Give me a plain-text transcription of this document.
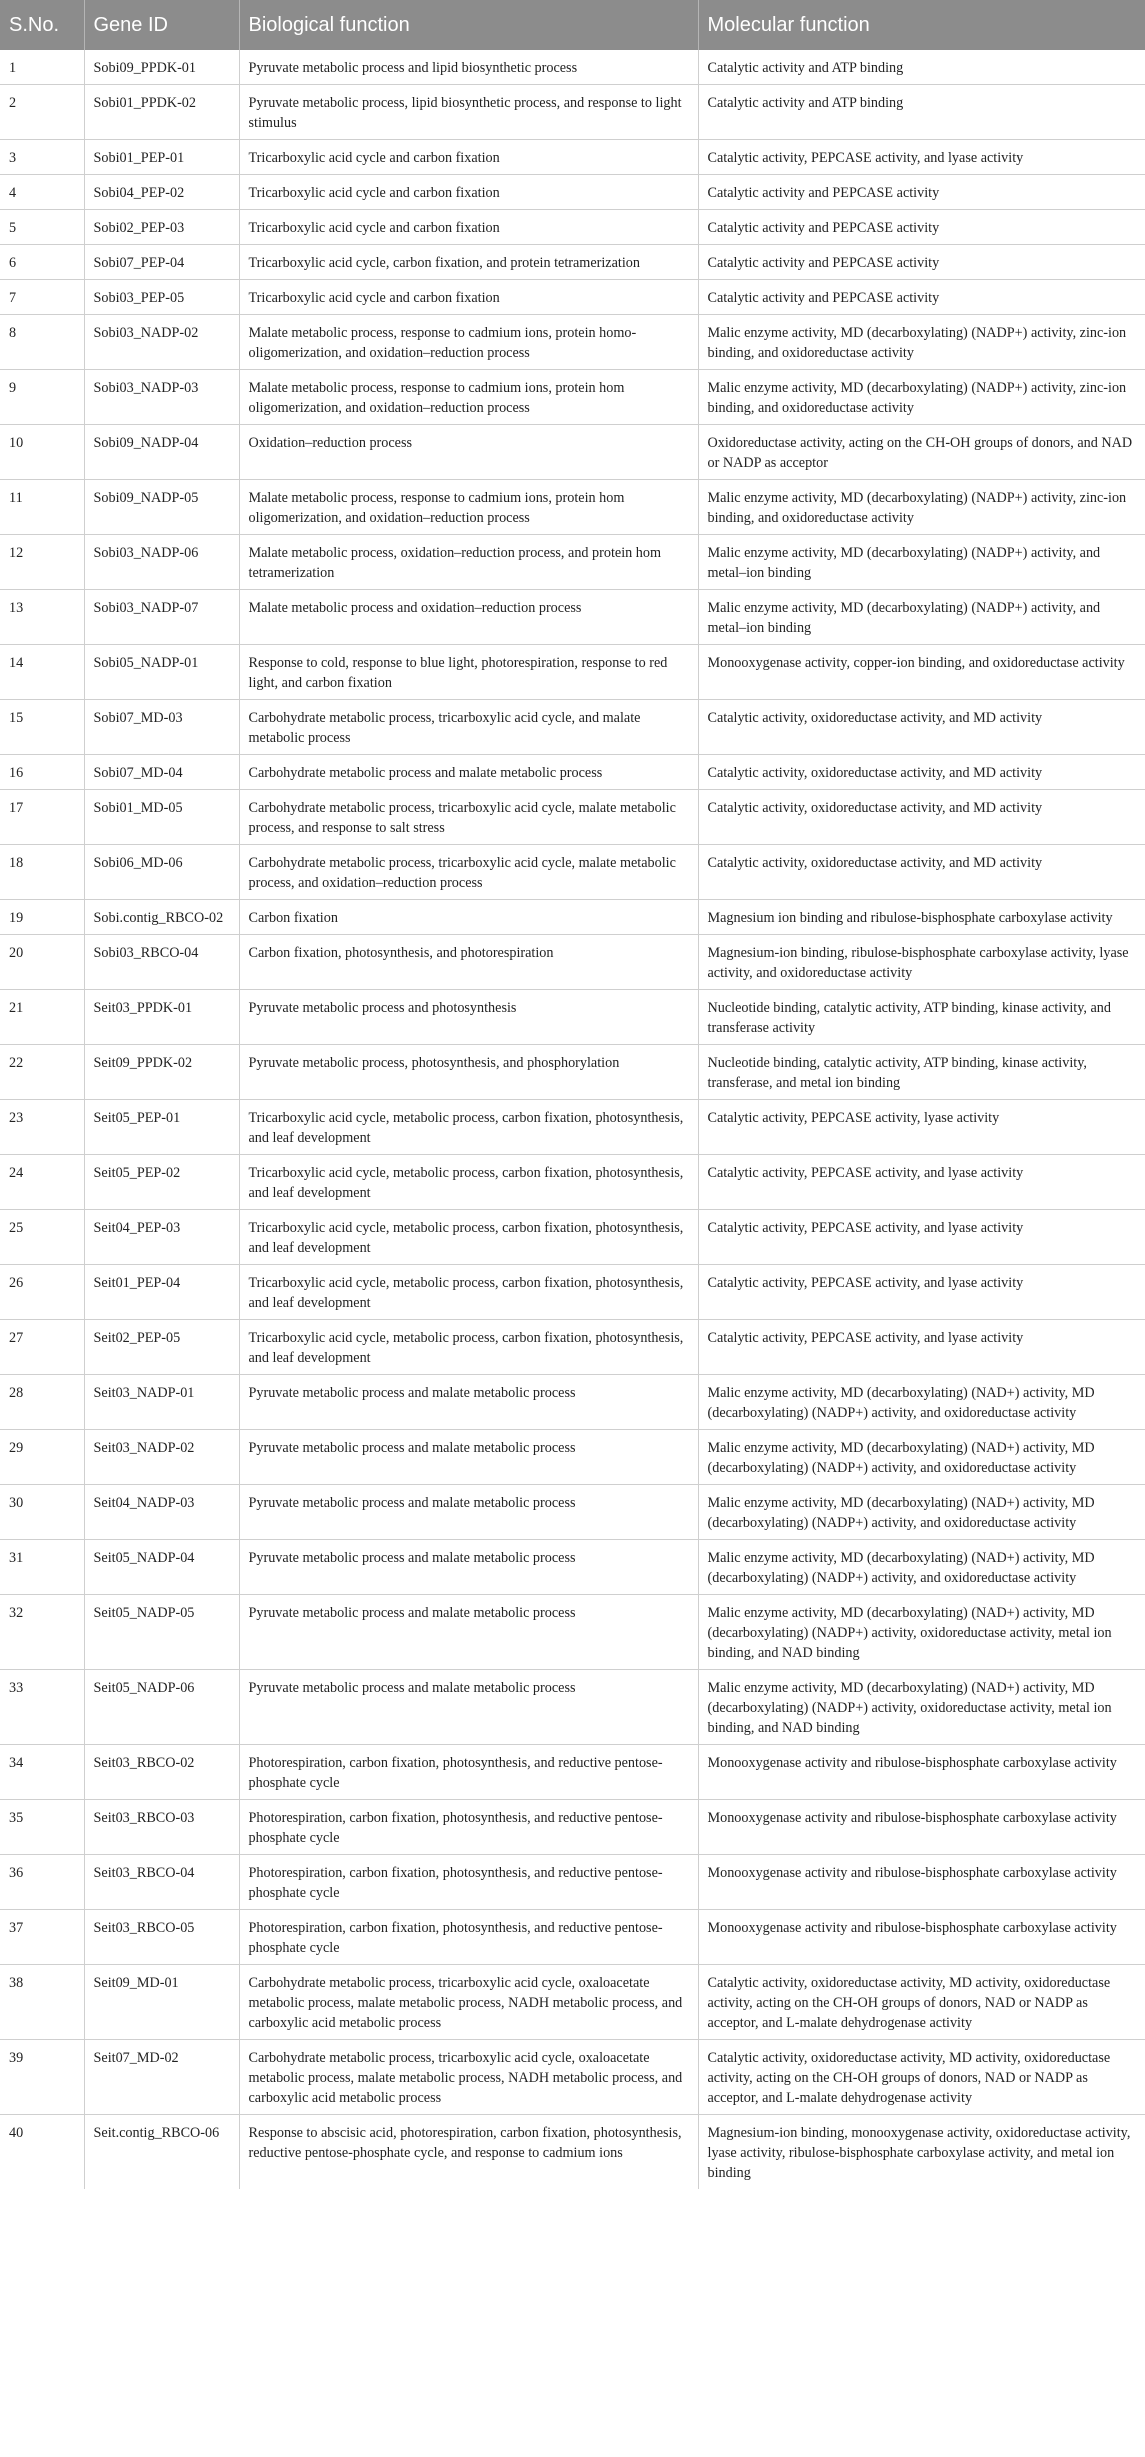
S.No.	Gene ID	Biological function	Molecular function
1	Sobi09_PPDK-01	Pyruvate metabolic process and lipid biosynthetic process	Catalytic activity and ATP binding
2	Sobi01_PPDK-02	Pyruvate metabolic process, lipid biosynthetic process, and response to light stimulus	Catalytic activity and ATP binding
3	Sobi01_PEP-01	Tricarboxylic acid cycle and carbon fixation	Catalytic activity, PEPCASE activity, and lyase activity
4	Sobi04_PEP-02	Tricarboxylic acid cycle and carbon fixation	Catalytic activity and PEPCASE activity
5	Sobi02_PEP-03	Tricarboxylic acid cycle and carbon fixation	Catalytic activity and PEPCASE activity
6	Sobi07_PEP-04	Tricarboxylic acid cycle, carbon fixation, and protein tetramerization	Catalytic activity and PEPCASE activity
7	Sobi03_PEP-05	Tricarboxylic acid cycle and carbon fixation	Catalytic activity and PEPCASE activity
8	Sobi03_NADP-02	Malate metabolic process, response to cadmium ions, protein homo-oligomerization, and oxidation–reduction process	Malic enzyme activity, MD (decarboxylating) (NADP+) activity, zinc-ion binding, and oxidoreductase activity
9	Sobi03_NADP-03	Malate metabolic process, response to cadmium ions, protein hom oligomerization, and oxidation–reduction process	Malic enzyme activity, MD (decarboxylating) (NADP+) activity, zinc-ion binding, and oxidoreductase activity
10	Sobi09_NADP-04	Oxidation–reduction process	Oxidoreductase activity, acting on the CH-OH groups of donors, and NAD or NADP as acceptor
11	Sobi09_NADP-05	Malate metabolic process, response to cadmium ions, protein hom oligomerization, and oxidation–reduction process	Malic enzyme activity, MD (decarboxylating) (NADP+) activity, zinc-ion binding, and oxidoreductase activity
12	Sobi03_NADP-06	Malate metabolic process, oxidation–reduction process, and protein hom tetramerization	Malic enzyme activity, MD (decarboxylating) (NADP+) activity, and metal–ion binding
13	Sobi03_NADP-07	Malate metabolic process and oxidation–reduction process	Malic enzyme activity, MD (decarboxylating) (NADP+) activity, and metal–ion binding
14	Sobi05_NADP-01	Response to cold, response to blue light, photorespiration, response to red light, and carbon fixation	Monooxygenase activity, copper-ion binding, and oxidoreductase activity
15	Sobi07_MD-03	Carbohydrate metabolic process, tricarboxylic acid cycle, and malate metabolic process	Catalytic activity, oxidoreductase activity, and MD activity
16	Sobi07_MD-04	Carbohydrate metabolic process and malate metabolic process	Catalytic activity, oxidoreductase activity, and MD activity
17	Sobi01_MD-05	Carbohydrate metabolic process, tricarboxylic acid cycle, malate metabolic process, and response to salt stress	Catalytic activity, oxidoreductase activity, and MD activity
18	Sobi06_MD-06	Carbohydrate metabolic process, tricarboxylic acid cycle, malate metabolic process, and oxidation–reduction process	Catalytic activity, oxidoreductase activity, and MD activity
19	Sobi.contig_RBCO-02	Carbon fixation	Magnesium ion binding and ribulose-bisphosphate carboxylase activity
20	Sobi03_RBCO-04	Carbon fixation, photosynthesis, and photorespiration	Magnesium-ion binding, ribulose-bisphosphate carboxylase activity, lyase activity, and oxidoreductase activity
21	Seit03_PPDK-01	Pyruvate metabolic process and photosynthesis	Nucleotide binding, catalytic activity, ATP binding, kinase activity, and transferase activity
22	Seit09_PPDK-02	Pyruvate metabolic process, photosynthesis, and phosphorylation	Nucleotide binding, catalytic activity, ATP binding, kinase activity, transferase, and metal ion binding
23	Seit05_PEP-01	Tricarboxylic acid cycle, metabolic process, carbon fixation, photosynthesis, and leaf development	Catalytic activity, PEPCASE activity, lyase activity
24	Seit05_PEP-02	Tricarboxylic acid cycle, metabolic process, carbon fixation, photosynthesis, and leaf development	Catalytic activity, PEPCASE activity, and lyase activity
25	Seit04_PEP-03	Tricarboxylic acid cycle, metabolic process, carbon fixation, photosynthesis, and leaf development	Catalytic activity, PEPCASE activity, and lyase activity
26	Seit01_PEP-04	Tricarboxylic acid cycle, metabolic process, carbon fixation, photosynthesis, and leaf development	Catalytic activity, PEPCASE activity, and lyase activity
27	Seit02_PEP-05	Tricarboxylic acid cycle, metabolic process, carbon fixation, photosynthesis, and leaf development	Catalytic activity, PEPCASE activity, and lyase activity
28	Seit03_NADP-01	Pyruvate metabolic process and malate metabolic process	Malic enzyme activity, MD (decarboxylating) (NAD+) activity, MD (decarboxylating) (NADP+) activity, and oxidoreductase activity
29	Seit03_NADP-02	Pyruvate metabolic process and malate metabolic process	Malic enzyme activity, MD (decarboxylating) (NAD+) activity, MD (decarboxylating) (NADP+) activity, and oxidoreductase activity
30	Seit04_NADP-03	Pyruvate metabolic process and malate metabolic process	Malic enzyme activity, MD (decarboxylating) (NAD+) activity, MD (decarboxylating) (NADP+) activity, and oxidoreductase activity
31	Seit05_NADP-04	Pyruvate metabolic process and malate metabolic process	Malic enzyme activity, MD (decarboxylating) (NAD+) activity, MD (decarboxylating) (NADP+) activity, and oxidoreductase activity
32	Seit05_NADP-05	Pyruvate metabolic process and malate metabolic process	Malic enzyme activity, MD (decarboxylating) (NAD+) activity, MD (decarboxylating) (NADP+) activity, oxidoreductase activity, metal ion binding, and NAD binding
33	Seit05_NADP-06	Pyruvate metabolic process and malate metabolic process	Malic enzyme activity, MD (decarboxylating) (NAD+) activity, MD (decarboxylating) (NADP+) activity, oxidoreductase activity, metal ion binding, and NAD binding
34	Seit03_RBCO-02	Photorespiration, carbon fixation, photosynthesis, and reductive pentose-phosphate cycle	Monooxygenase activity and ribulose-bisphosphate carboxylase activity
35	Seit03_RBCO-03	Photorespiration, carbon fixation, photosynthesis, and reductive pentose-phosphate cycle	Monooxygenase activity and ribulose-bisphosphate carboxylase activity
36	Seit03_RBCO-04	Photorespiration, carbon fixation, photosynthesis, and reductive pentose-phosphate cycle	Monooxygenase activity and ribulose-bisphosphate carboxylase activity
37	Seit03_RBCO-05	Photorespiration, carbon fixation, photosynthesis, and reductive pentose-phosphate cycle	Monooxygenase activity and ribulose-bisphosphate carboxylase activity
38	Seit09_MD-01	Carbohydrate metabolic process, tricarboxylic acid cycle, oxaloacetate metabolic process, malate metabolic process, NADH metabolic process, and carboxylic acid metabolic process	Catalytic activity, oxidoreductase activity, MD activity, oxidoreductase activity, acting on the CH-OH groups of donors, NAD or NADP as acceptor, and L-malate dehydrogenase activity
39	Seit07_MD-02	Carbohydrate metabolic process, tricarboxylic acid cycle, oxaloacetate metabolic process, malate metabolic process, NADH metabolic process, and carboxylic acid metabolic process	Catalytic activity, oxidoreductase activity, MD activity, oxidoreductase activity, acting on the CH-OH groups of donors, NAD or NADP as acceptor, and L-malate dehydrogenase activity
40	Seit.contig_RBCO-06	Response to abscisic acid, photorespiration, carbon fixation, photosynthesis, reductive pentose-phosphate cycle, and response to cadmium ions	Magnesium-ion binding, monooxygenase activity, oxidoreductase activity, lyase activity, ribulose-bisphosphate carboxylase activity, and metal ion binding
